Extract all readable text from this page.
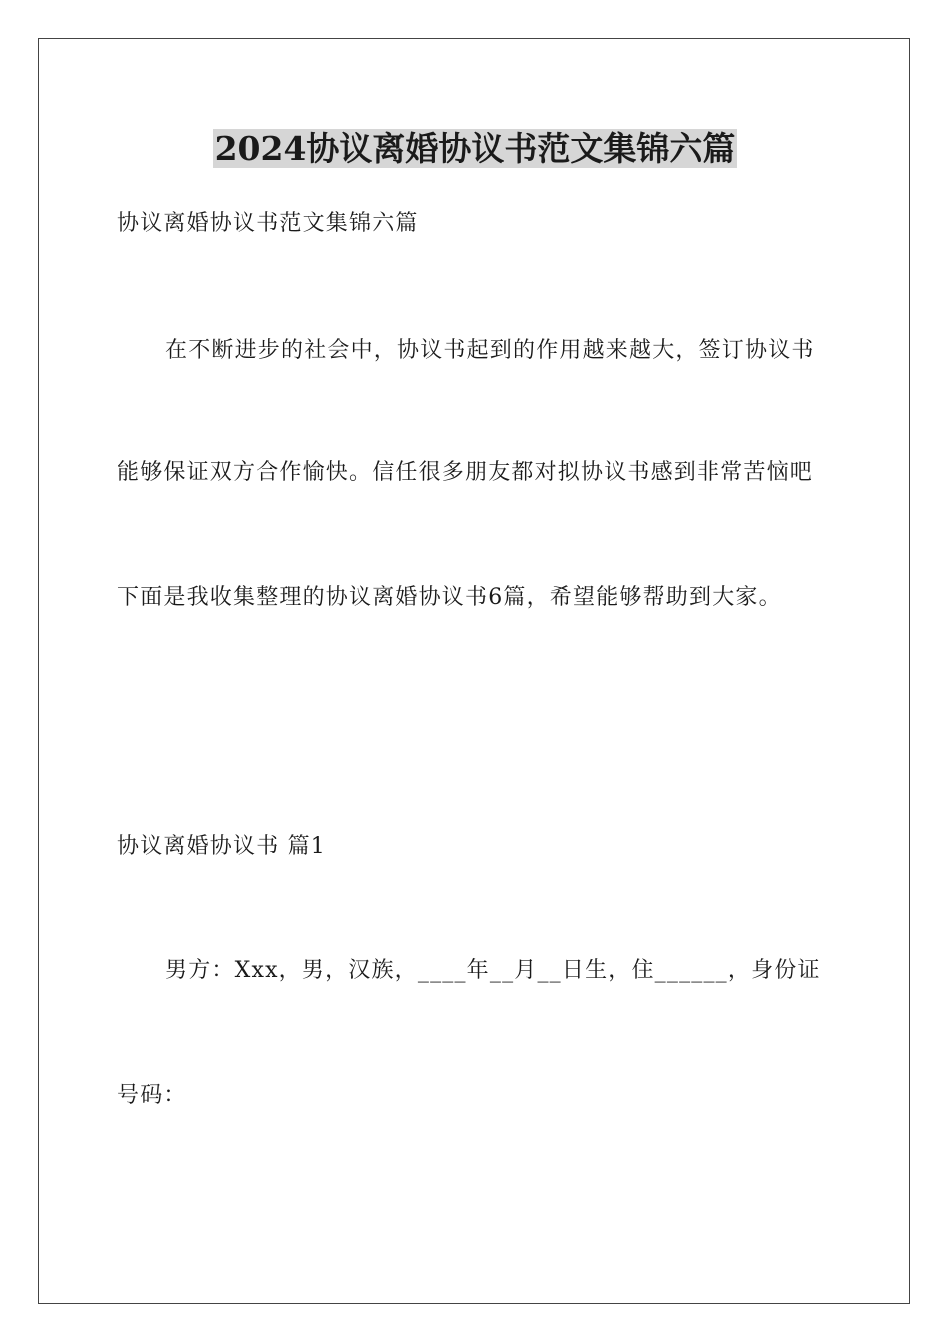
2024协议离婚协议书范文集锦六篇
协议离婚协议书范文集锦六篇
在不断进步的社会中，协议书起到的作用越来越大，签订协议书
能够保证双方合作愉快。信任很多朋友都对拟协议书感到非常苦恼吧
下面是我收集整理的协议离婚协议书6篇，希望能够帮助到大家。
协议离婚协议书 篇1
男方：Xxx，男，汉族，____年__月__日生，住______，身份证
号码：
